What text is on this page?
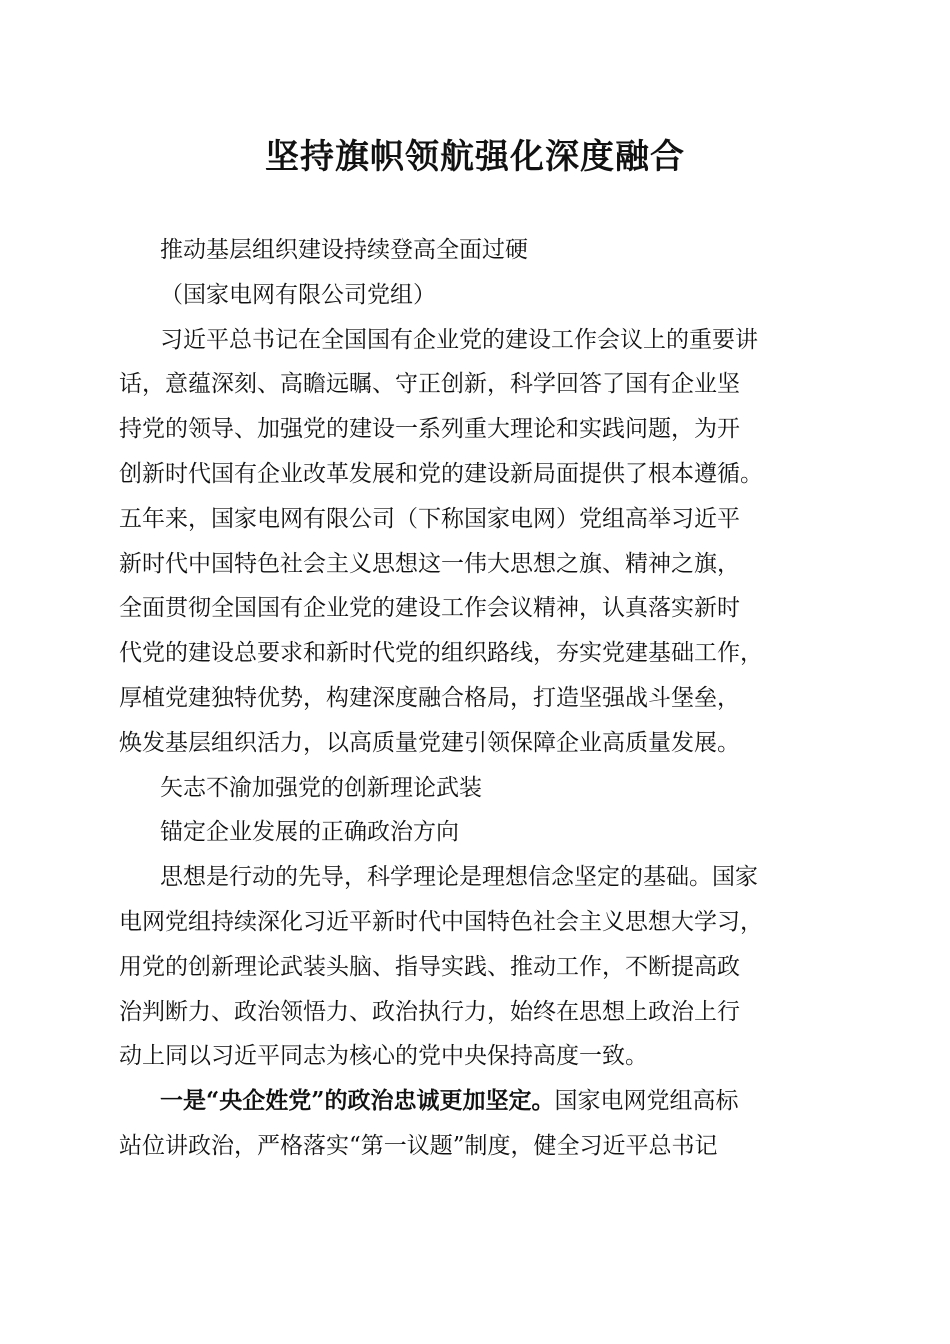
坚持旗帜领航强化深度融合
推动基层组织建设持续登高全面过硬
（国家电网有限公司党组）
习近平总书记在全国国有企业党的建设工作会议上的重要讲
话，意蕴深刻、高瞻远瞩、守正创新，科学回答了国有企业坚
持党的领导、加强党的建设一系列重大理论和实践问题，为开
创新时代国有企业改革发展和党的建设新局面提供了根本遵循。
五年来，国家电网有限公司（下称国家电网）党组高举习近平
新时代中国特色社会主义思想这一伟大思想之旗、精神之旗，
全面贯彻全国国有企业党的建设工作会议精神，认真落实新时
代党的建设总要求和新时代党的组织路线，夯实党建基础工作，
厚植党建独特优势，构建深度融合格局，打造坚强战斗堡垒，
焕发基层组织活力，以高质量党建引领保障企业高质量发展。
矢志不渝加强党的创新理论武装
锚定企业发展的正确政治方向
思想是行动的先导，科学理论是理想信念坚定的基础。国家
电网党组持续深化习近平新时代中国特色社会主义思想大学习，
用党的创新理论武装头脑、指导实践、推动工作，不断提高政
治判断力、政治领悟力、政治执行力，始终在思想上政治上行
动上同以习近平同志为核心的党中央保持高度一致。
一是“央企姓党”的政治忠诚更加坚定。国家电网党组高标
站位讲政治，严格落实“第一议题”制度，健全习近平总书记
